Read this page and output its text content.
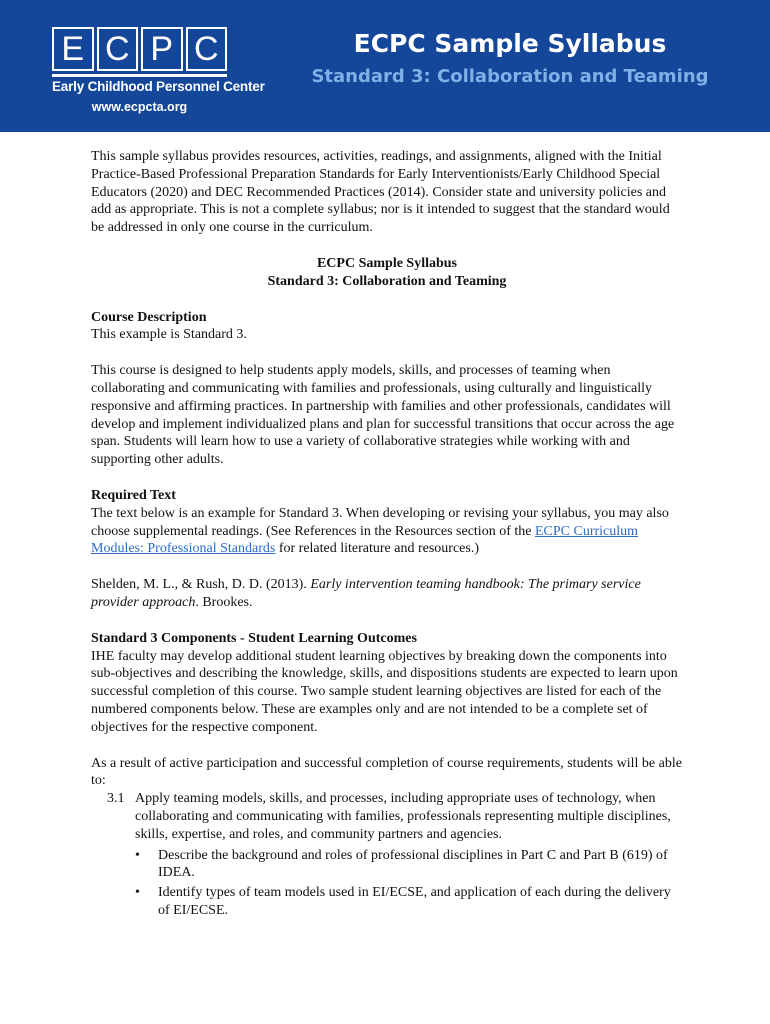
E C P C
Early Childhood Personnel Center
www.ecpcta.org
ECPC Sample Syllabus
Standard 3: Collaboration and Teaming

This sample syllabus provides resources, activities, readings, and assignments, aligned with the Initial Practice-Based Professional Preparation Standards for Early Interventionists/Early Childhood Special Educators (2020) and DEC Recommended Practices (2014). Consider state and university policies and add as appropriate. This is not a complete syllabus; nor is it intended to suggest that the standard would be addressed in only one course in the curriculum.

ECPC Sample Syllabus
Standard 3: Collaboration and Teaming

Course Description

This example is Standard 3.

This course is designed to help students apply models, skills, and processes of teaming when collaborating and communicating with families and professionals, using culturally and linguistically responsive and affirming practices. In partnership with families and other professionals, candidates will develop and implement individualized plans and plan for successful transitions that occur across the age span. Students will learn how to use a variety of collaborative strategies while working with and supporting other adults.

Required Text

The text below is an example for Standard 3. When developing or revising your syllabus, you may also choose supplemental readings. (See References in the Resources section of the ECPC Curriculum Modules: Professional Standards for related literature and resources.)

Shelden, M. L., & Rush, D. D. (2013). Early intervention teaming handbook: The primary service provider approach. Brookes.

Standard 3 Components - Student Learning Outcomes

IHE faculty may develop additional student learning objectives by breaking down the components into sub-objectives and describing the knowledge, skills, and dispositions students are expected to learn upon successful completion of this course. Two sample student learning objectives are listed for each of the numbered components below. These are examples only and are not intended to be a complete set of objectives for the respective component.

As a result of active participation and successful completion of course requirements, students will be able to:

3.1 Apply teaming models, skills, and processes, including appropriate uses of technology, when collaborating and communicating with families, professionals representing multiple disciplines, skills, expertise, and roles, and community partners and agencies.
•	Describe the background and roles of professional disciplines in Part C and Part B (619) of IDEA.
•	Identify types of team models used in EI/ECSE, and application of each during the delivery of EI/ECSE.
